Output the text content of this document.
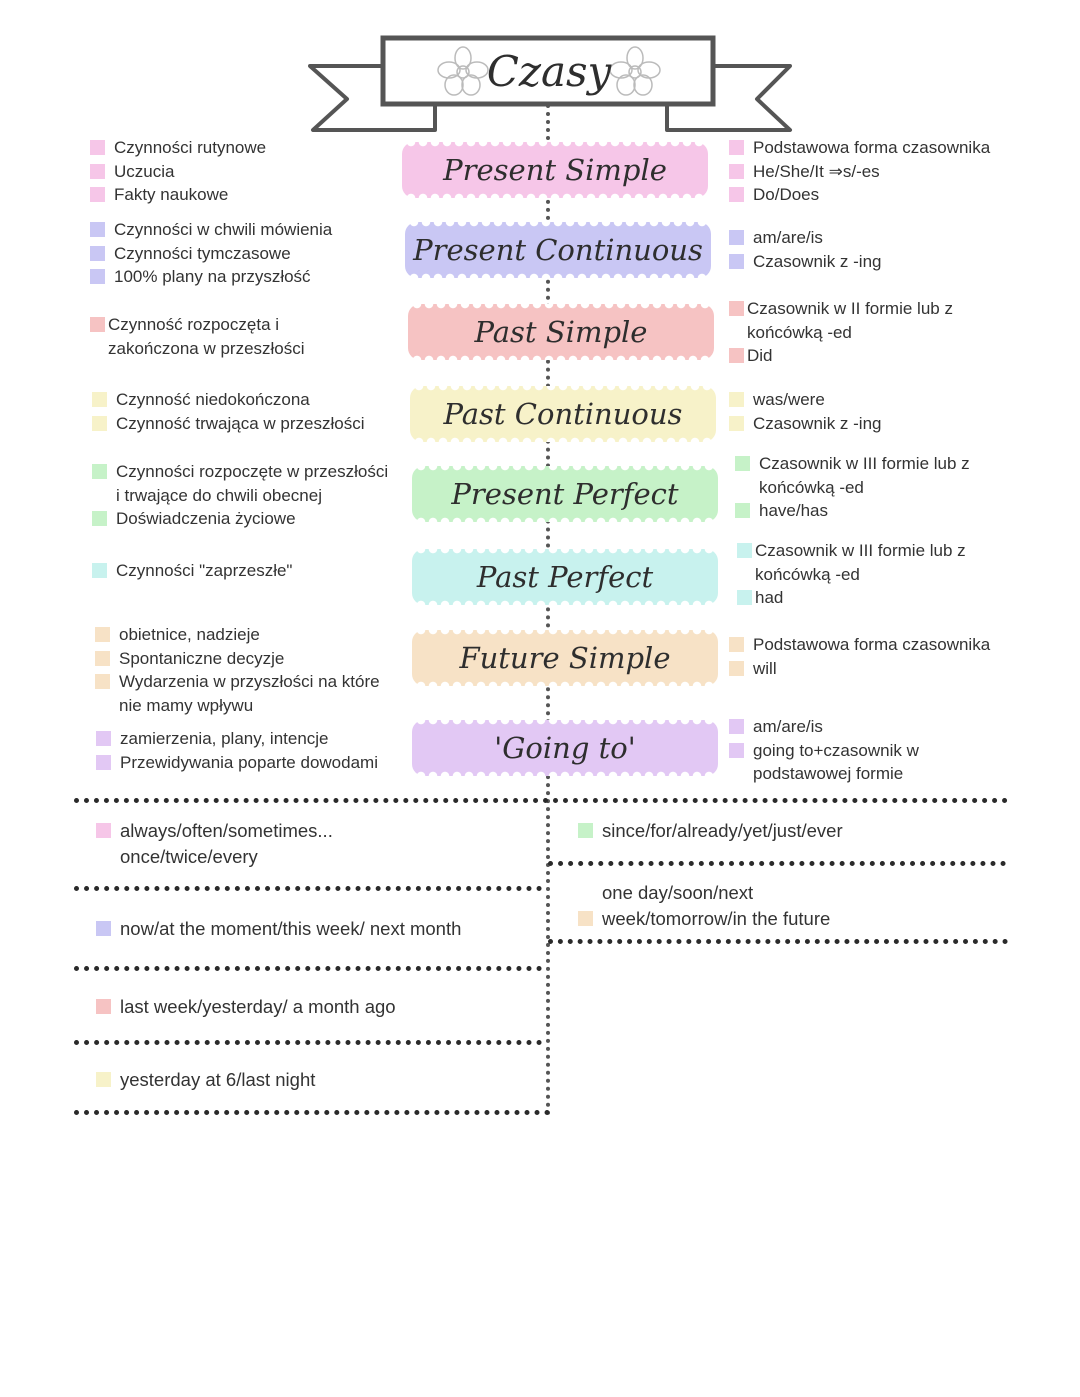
Czasy
Present Simple
Present Continuous
Past Simple
Past Continuous
Present Perfect
Past Perfect
Future Simple
'Going to'
Czynności rutynowe
Uczucia
Fakty naukowe
Czynności w chwili mówienia
Czynności tymczasowe
100% plany na przyszłość
Czynność rozpoczęta i
zakończona w przeszłości
Czynność niedokończona
Czynność trwająca w przeszłości
Czynności rozpoczęte w przeszłości
i trwające do chwili obecnej
Doświadczenia życiowe
Czynności "zaprzeszłe"
obietnice, nadzieje
Spontaniczne decyzje
Wydarzenia w przyszłości na które
nie mamy wpływu
zamierzenia, plany, intencje
Przewidywania poparte dowodami
Podstawowa forma czasownika
He/She/It ⇒s/-es
Do/Does
am/are/is
Czasownik z -ing
Czasownik w II formie lub z
końcówką -ed
Did
was/were
Czasownik z -ing
Czasownik w III formie lub z
końcówką -ed
have/has
Czasownik w III formie lub z
końcówką -ed
had
Podstawowa forma czasownika
will
am/are/is
going to+czasownik w
podstawowej formie
always/often/sometimes...
once/twice/every
now/at the moment/this week/ next month
last week/yesterday/ a month ago
yesterday at 6/last night
since/for/already/yet/just/ever
one day/soon/next
week/tomorrow/in the future
